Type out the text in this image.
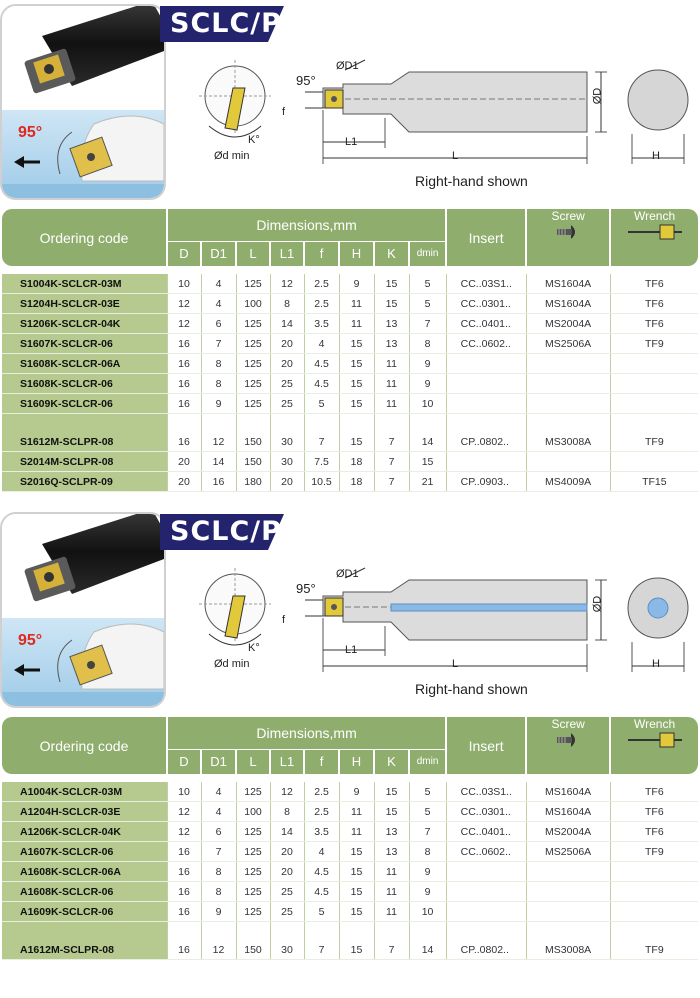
95°
SCLC/P
95°
ØD1
ØD
Ød min
K°
f
L1
L	H
Right-hand shown
Ordering code	Dimensions,mm								Insert	Screw	Wrench

	D	D1	L	L1	f	H	K	dmin			

S1004K-SCLCR-03M	10	4	125	12	2.5	9	15	5	CC..03S1..	MS1604A	TF6
S1204H-SCLCR-03E	12	4	100	8	2.5	11	15	5	CC..0301..	MS1604A	TF6
S1206K-SCLCR-04K	12	6	125	14	3.5	11	13	7	CC..0401..	MS2004A	TF6
S1607K-SCLCR-06	16	7	125	20	4	15	13	8	CC..0602..	MS2506A	TF9
S1608K-SCLCR-06A	16	8	125	20	4.5	15	11	9			
S1608K-SCLCR-06	16	8	125	25	4.5	15	11	9			
S1609K-SCLCR-06	16	9	125	25	5	15	11	10			

S1612M-SCLPR-08	16	12	150	30	7	15	7	14	CP..0802..	MS3008A	TF9
S2014M-SCLPR-08	20	14	150	30	7.5	18	7	15			
S2016Q-SCLPR-09	20	16	180	20	10.5	18	7	21	CP..0903..	MS4009A	TF15
95°
SCLC/P
95°
ØD1
ØD
Ød min
K°
f
L1
L	H
Right-hand shown
Ordering code	Dimensions,mm								Insert	Screw	Wrench

	D	D1	L	L1	f	H	K	dmin			

A1004K-SCLCR-03M	10	4	125	12	2.5	9	15	5	CC..03S1..	MS1604A	TF6
A1204H-SCLCR-03E	12	4	100	8	2.5	11	15	5	CC..0301..	MS1604A	TF6
A1206K-SCLCR-04K	12	6	125	14	3.5	11	13	7	CC..0401..	MS2004A	TF6
A1607K-SCLCR-06	16	7	125	20	4	15	13	8	CC..0602..	MS2506A	TF9
A1608K-SCLCR-06A	16	8	125	20	4.5	15	11	9			
A1608K-SCLCR-06	16	8	125	25	4.5	15	11	9			
A1609K-SCLCR-06	16	9	125	25	5	15	11	10			

A1612M-SCLPR-08	16	12	150	30	7	15	7	14	CP..0802..	MS3008A	TF9
